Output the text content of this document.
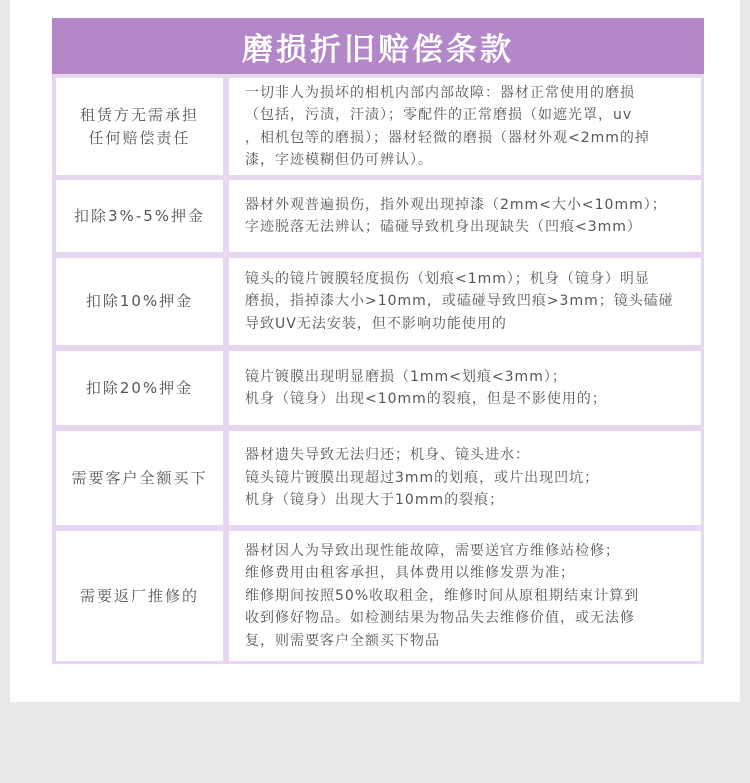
磨损折旧赔偿条款
租赁方无需承担
任何赔偿责任
一切非人为损坏的相机内部内部故障：器材正常使用的磨损
（包括，污渍，汗渍）；零配件的正常磨损（如遮光罩，uv
，相机包等的磨损）；器材轻微的磨损（器材外观<2mm的掉
漆，字迹模糊但仍可辨认）。
扣除3%-5%押金
器材外观普遍损伤，指外观出现掉漆（2mm<大小<10mm）；
字迹脱落无法辨认；磕碰导致机身出现缺失（凹痕<3mm）
扣除10%押金
镜头的镜片镀膜轻度损伤（划痕<1mm）；机身（镜身）明显
磨损，指掉漆大小>10mm，或磕碰导致凹痕>3mm；镜头磕碰
导致UV无法安装，但不影响功能使用的
扣除20%押金
镜片镀膜出现明显磨损（1mm<划痕<3mm）；
机身（镜身）出现<10mm的裂痕，但是不影使用的；
需要客户全额买下
器材遗失导致无法归还；机身、镜头进水：
镜头镜片镀膜出现超过3mm的划痕，或片出现凹坑；
机身（镜身）出现大于10mm的裂痕；
需要返厂推修的
器材因人为导致出现性能故障，需要送官方维修站检修；
维修费用由租客承担，具体费用以维修发票为准；
维修期间按照50%收取租金，维修时间从原租期结束计算到
收到修好物品。如检测结果为物品失去维修价值，或无法修
复，则需要客户全额买下物品
